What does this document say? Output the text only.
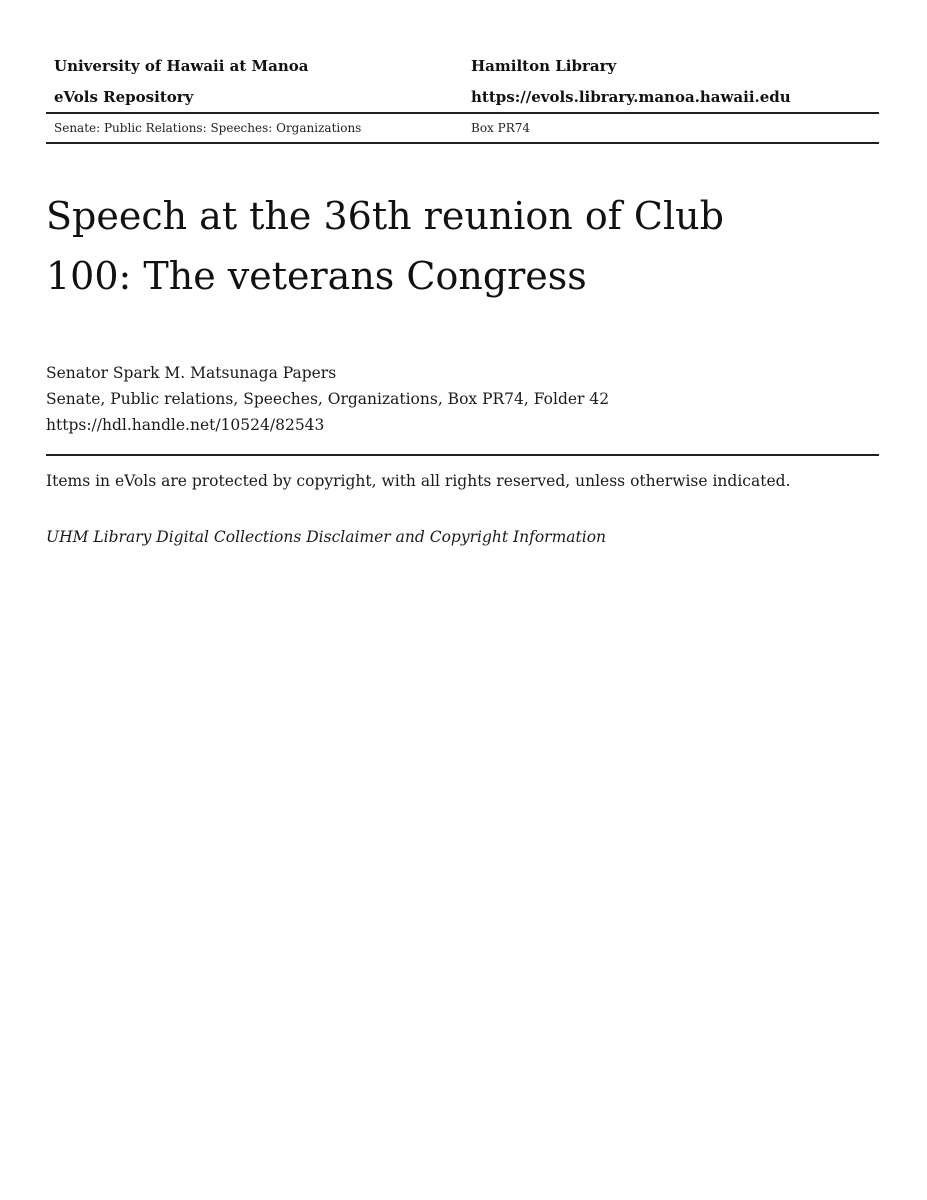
University of Hawaii at Manoa	Hamilton Library
eVols Repository	https://evols.library.manoa.hawaii.edu
Senate: Public Relations: Speeches: Organizations	Box PR74
Speech at the 36th reunion of Club
100: The veterans Congress
Senator Spark M. Matsunaga Papers
Senate, Public relations, Speeches, Organizations, Box PR74, Folder 42
https://hdl.handle.net/10524/82543
Items in eVols are protected by copyright, with all rights reserved, unless otherwise indicated.
UHM Library Digital Collections Disclaimer and Copyright Information
